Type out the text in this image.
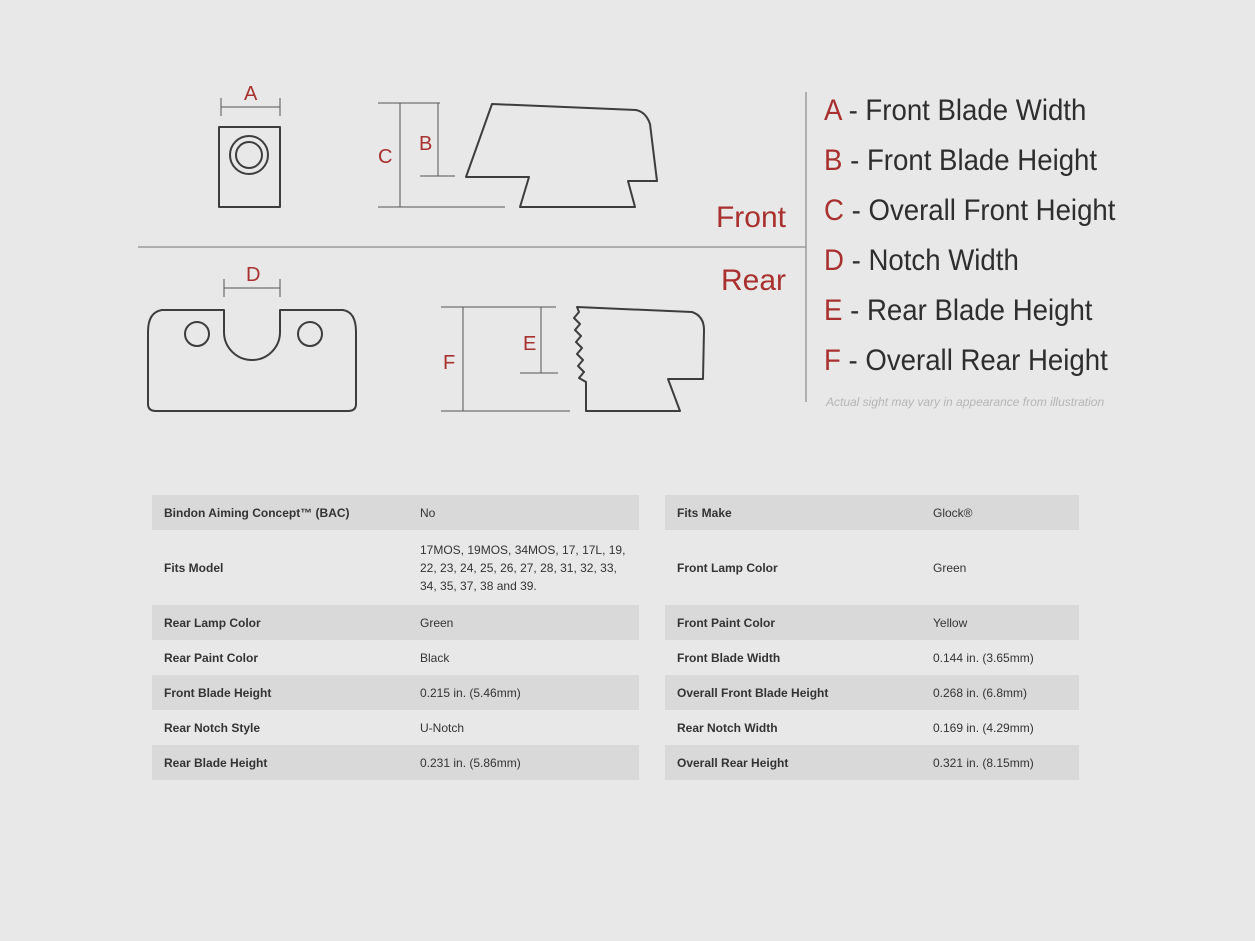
A
C
B
D
F
E
Front
Rear
A - Front Blade Width
B - Front Blade Height
C - Overall Front Height
D - Notch Width
E - Rear Blade Height
F - Overall Rear Height
Actual sight may vary in appearance from illustration
Bindon Aiming Concept™ (BAC)	No
Fits Model	17MOS, 19MOS, 34MOS, 17, 17L, 19, 22, 23, 24, 25, 26, 27, 28, 31, 32, 33, 34, 35, 37, 38 and 39.
Rear Lamp Color	Green
Rear Paint Color	Black
Front Blade Height	0.215 in. (5.46mm)
Rear Notch Style	U-Notch
Rear Blade Height	0.231 in. (5.86mm)
Fits Make	Glock®
Front Lamp Color	Green
Front Paint Color	Yellow
Front Blade Width	0.144 in. (3.65mm)
Overall Front Blade Height	0.268 in. (6.8mm)
Rear Notch Width	0.169 in. (4.29mm)
Overall Rear Height	0.321 in. (8.15mm)
